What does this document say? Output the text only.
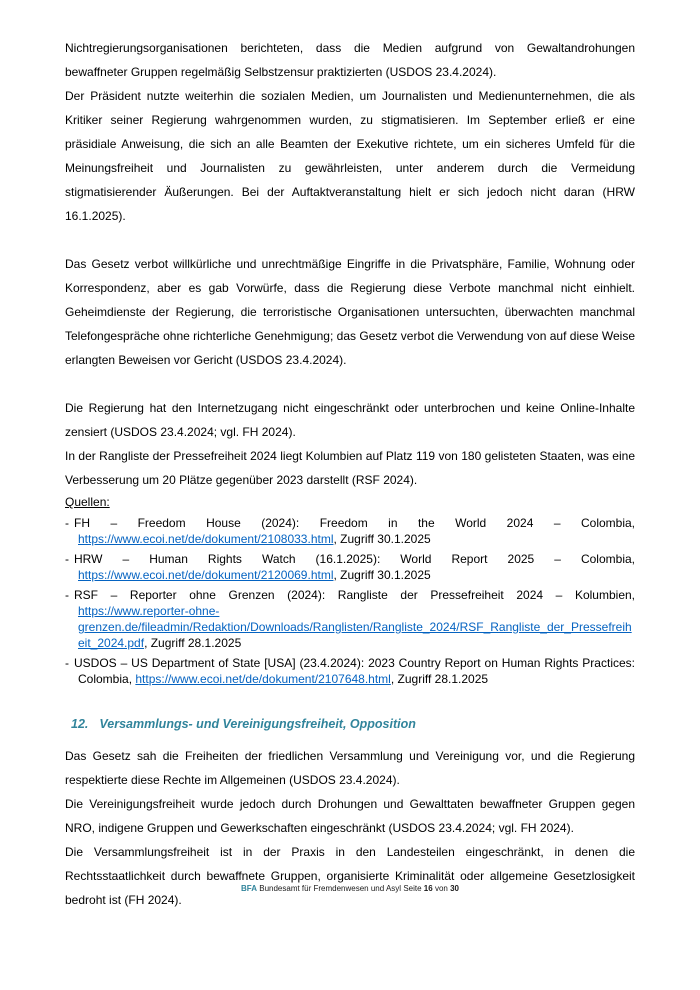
Nichtregierungsorganisationen berichteten, dass die Medien aufgrund von Gewaltandrohungen bewaffneter Gruppen regelmäßig Selbstzensur praktizierten (USDOS 23.4.2024).

Der Präsident nutzte weiterhin die sozialen Medien, um Journalisten und Medienunternehmen, die als Kritiker seiner Regierung wahrgenommen wurden, zu stigmatisieren. Im September erließ er eine präsidiale Anweisung, die sich an alle Beamten der Exekutive richtete, um ein sicheres Umfeld für die Meinungsfreiheit und Journalisten zu gewährleisten, unter anderem durch die Vermeidung stigmatisierender Äußerungen. Bei der Auftaktveranstaltung hielt er sich jedoch nicht daran (HRW 16.1.2025).

Das Gesetz verbot willkürliche und unrechtmäßige Eingriffe in die Privatsphäre, Familie, Wohnung oder Korrespondenz, aber es gab Vorwürfe, dass die Regierung diese Verbote manchmal nicht einhielt. Geheimdienste der Regierung, die terroristische Organisationen untersuchten, überwachten manchmal Telefongespräche ohne richterliche Genehmigung; das Gesetz verbot die Verwendung von auf diese Weise erlangten Beweisen vor Gericht (USDOS 23.4.2024).

Die Regierung hat den Internetzugang nicht eingeschränkt oder unterbrochen und keine Online-Inhalte zensiert (USDOS 23.4.2024; vgl. FH 2024).

In der Rangliste der Pressefreiheit 2024 liegt Kolumbien auf Platz 119 von 180 gelisteten Staaten, was eine Verbesserung um 20 Plätze gegenüber 2023 darstellt (RSF 2024).

Quellen:

- FH – Freedom House (2024): Freedom in the World 2024 – Colombia, https://www.ecoi.net/de/dokument/2108033.html, Zugriff 30.1.2025
- HRW – Human Rights Watch (16.1.2025): World Report 2025 – Colombia, https://www.ecoi.net/de/dokument/2120069.html, Zugriff 30.1.2025
- RSF – Reporter ohne Grenzen (2024): Rangliste der Pressefreiheit 2024 – Kolumbien, https://www.reporter-ohne-grenzen.de/fileadmin/Redaktion/Downloads/Ranglisten/Rangliste_2024/RSF_Rangliste_der_Pressefreiheit_2024.pdf, Zugriff 28.1.2025
- USDOS – US Department of State [USA] (23.4.2024): 2023 Country Report on Human Rights Practices: Colombia, https://www.ecoi.net/de/dokument/2107648.html, Zugriff 28.1.2025
12. Versammlungs- und Vereinigungsfreiheit, Opposition

Das Gesetz sah die Freiheiten der friedlichen Versammlung und Vereinigung vor, und die Regierung respektierte diese Rechte im Allgemeinen (USDOS 23.4.2024).

Die Vereinigungsfreiheit wurde jedoch durch Drohungen und Gewalttaten bewaffneter Gruppen gegen NRO, indigene Gruppen und Gewerkschaften eingeschränkt (USDOS 23.4.2024; vgl. FH 2024).

Die Versammlungsfreiheit ist in der Praxis in den Landesteilen eingeschränkt, in denen die Rechtsstaatlichkeit durch bewaffnete Gruppen, organisierte Kriminalität oder allgemeine Gesetzlosigkeit bedroht ist (FH 2024).

BFA Bundesamt für Fremdenwesen und Asyl Seite 16 von 30
